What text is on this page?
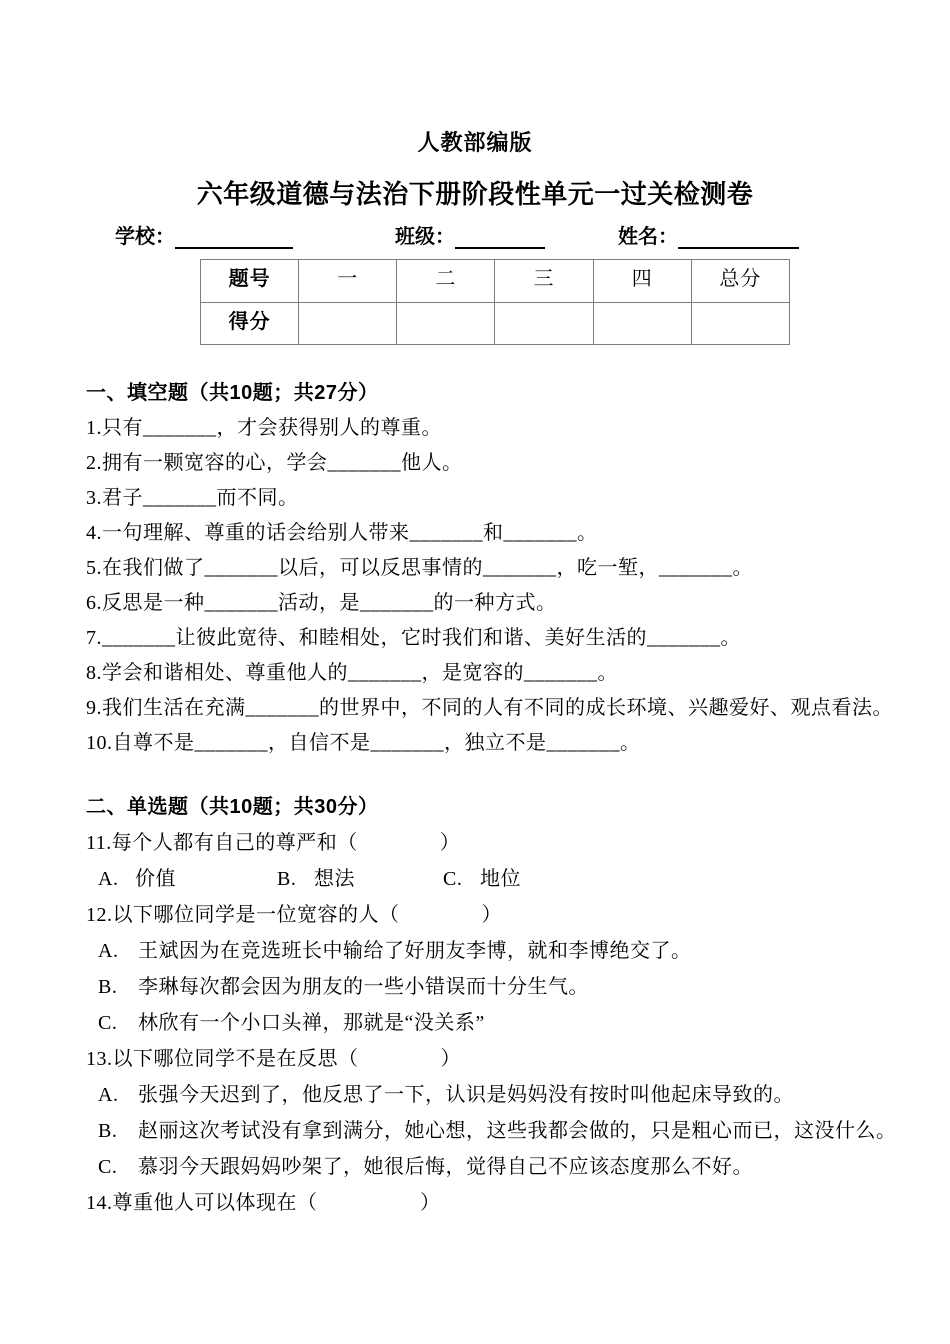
人教部编版
六年级道德与法治下册阶段性单元一过关检测卷
学校：	班级：	姓名：
题号	一	二	三	四	总分
得分					
一、填空题（共10题；共27分）

1.只有_______，才会获得别人的尊重。

2.拥有一颗宽容的心，学会_______他人。

3.君子_______而不同。

4.一句理解、尊重的话会给别人带来_______和_______。

5.在我们做了_______以后，可以反思事情的_______，吃一堑，_______。

6.反思是一种_______活动，是_______的一种方式。

7._______让彼此宽待、和睦相处，它时我们和谐、美好生活的_______。

8.学会和谐相处、尊重他人的_______，是宽容的_______。

9.我们生活在充满_______的世界中，不同的人有不同的成长环境、兴趣爱好、观点看法。

10.自尊不是_______，自信不是_______，独立不是_______。

二、单选题（共10题；共30分）

11.每个人都有自己的尊严和（　　　　）

A. 价值	B. 想法	C. 地位

12.以下哪位同学是一位宽容的人（　　　　）

A. 王斌因为在竞选班长中输给了好朋友李博，就和李博绝交了。

B. 李琳每次都会因为朋友的一些小错误而十分生气。

C. 林欣有一个小口头禅，那就是“没关系”

13.以下哪位同学不是在反思（　　　　）

A. 张强今天迟到了，他反思了一下，认识是妈妈没有按时叫他起床导致的。

B. 赵丽这次考试没有拿到满分，她心想，这些我都会做的，只是粗心而已，这没什么。

C. 慕羽今天跟妈妈吵架了，她很后悔，觉得自己不应该态度那么不好。

14.尊重他人可以体现在（　　　　　）
